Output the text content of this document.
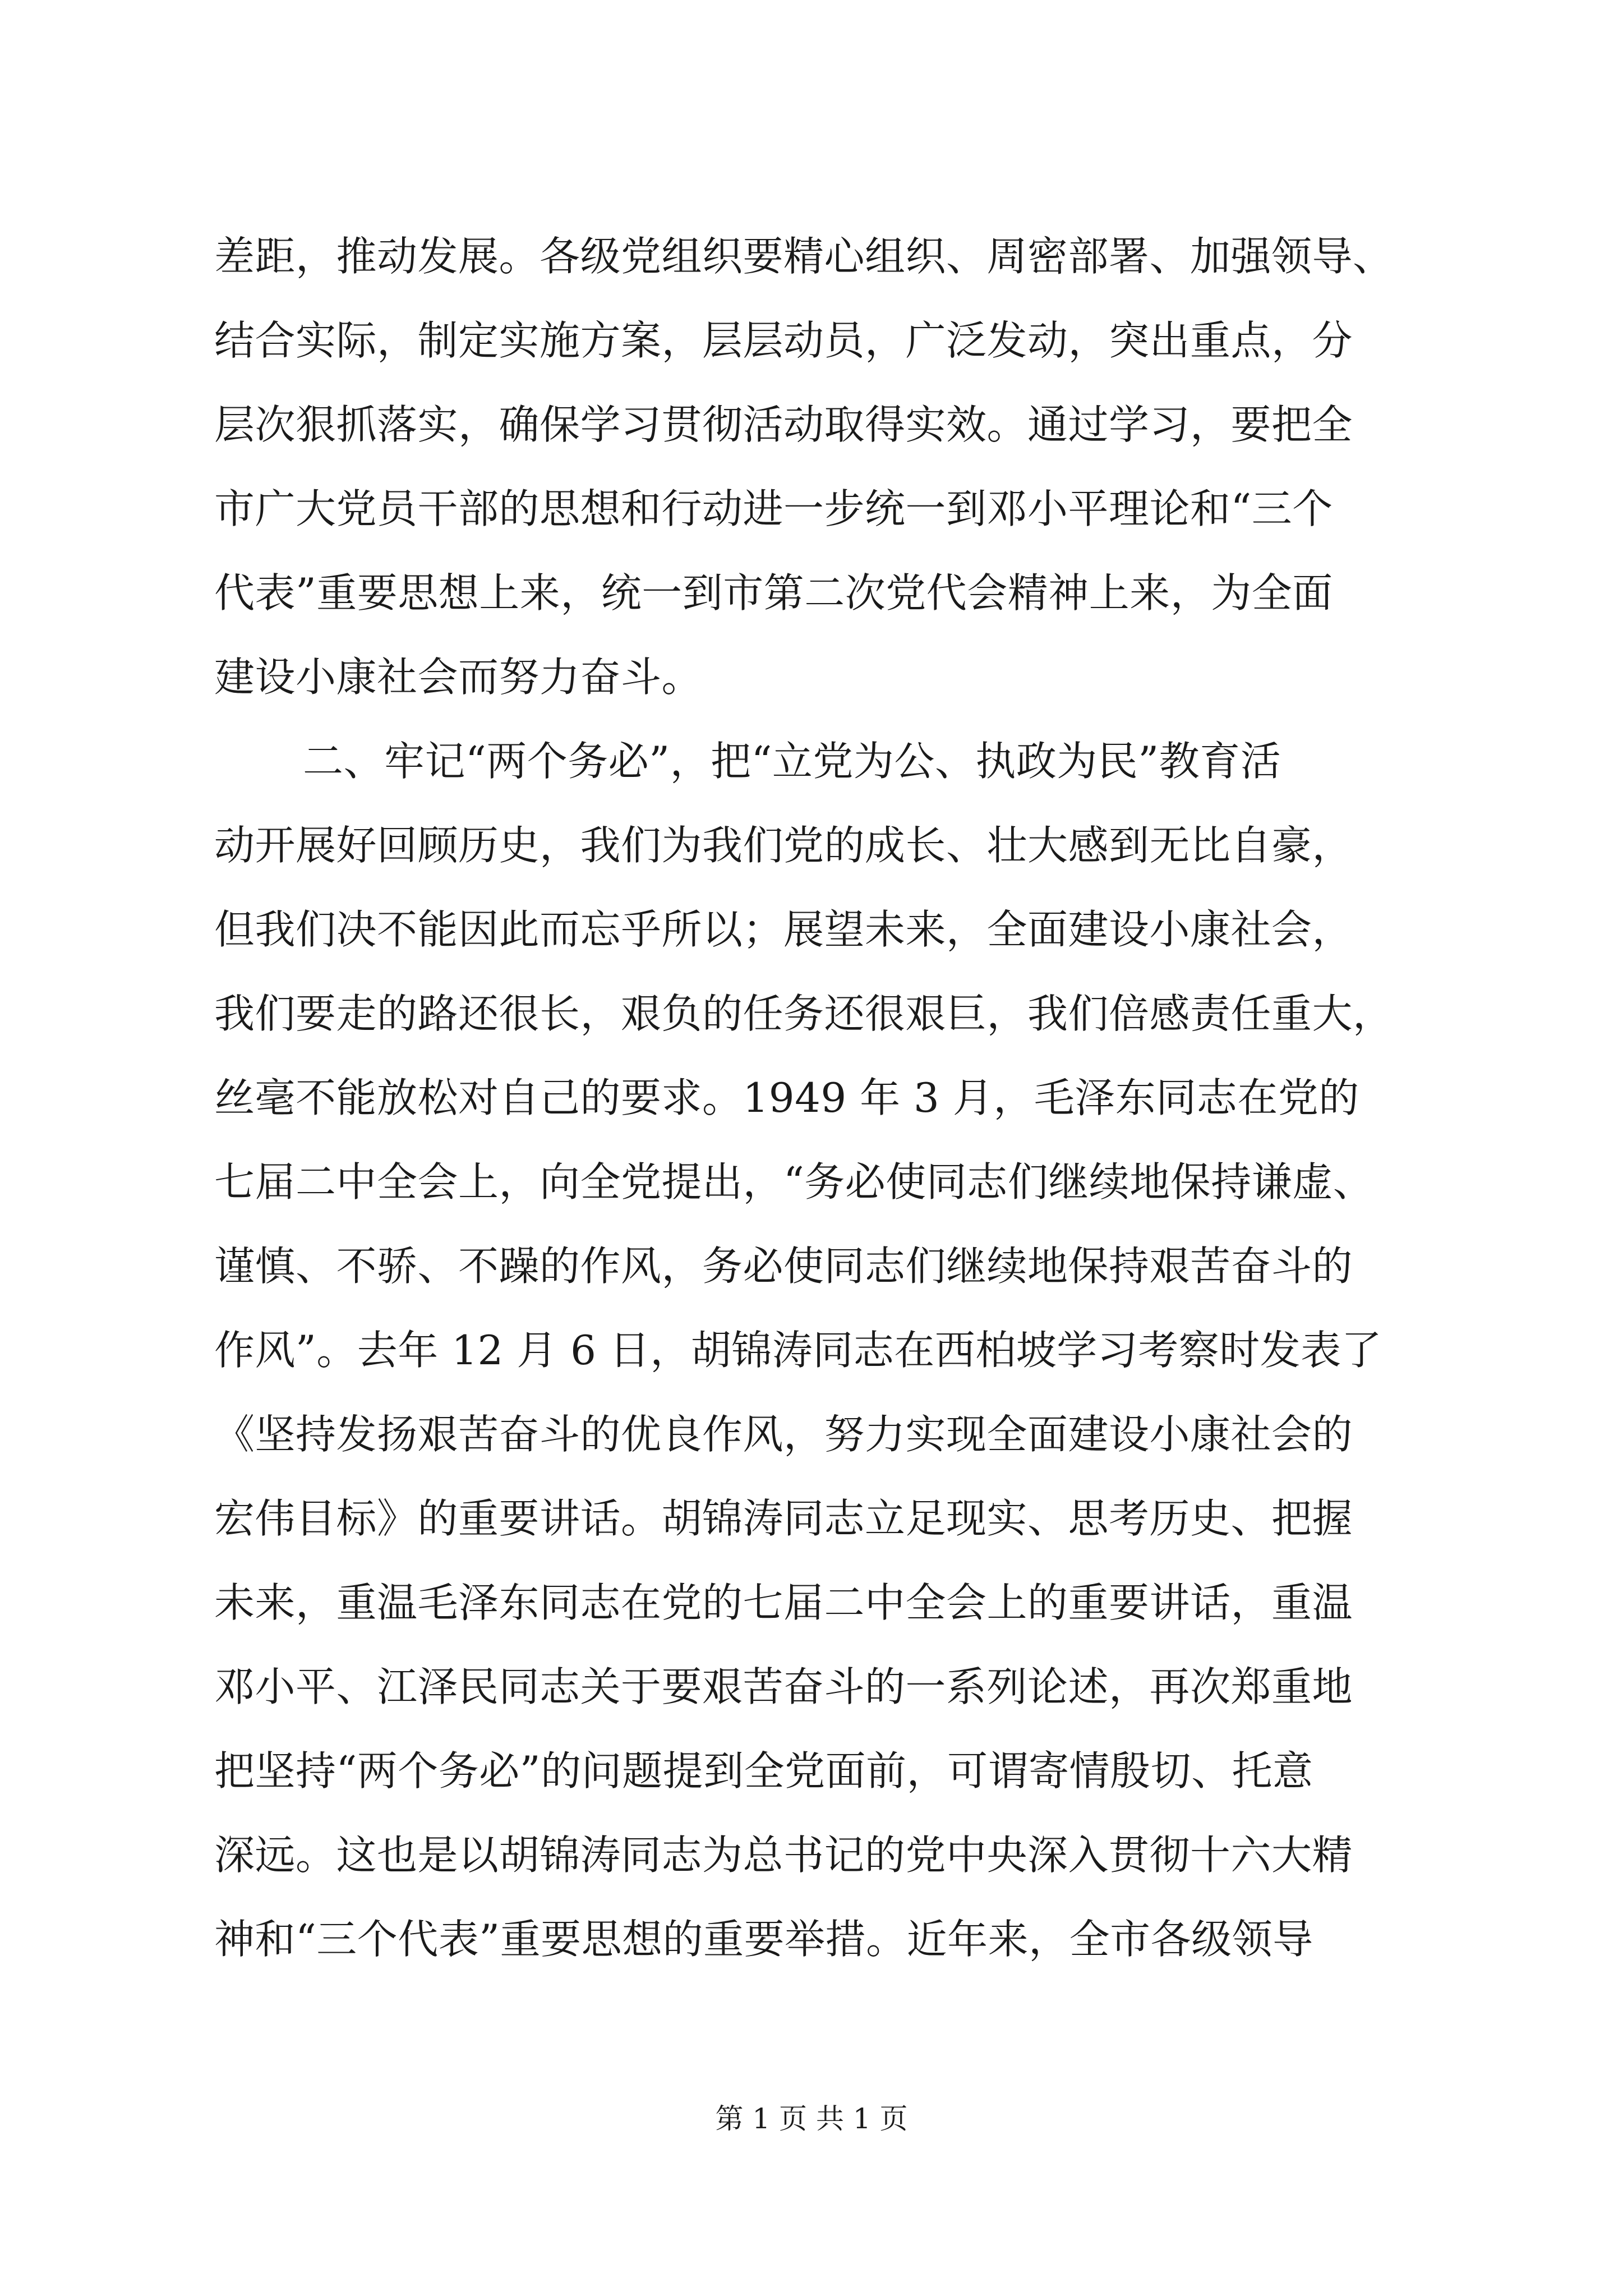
差距，推动发展。各级党组织要精心组织、周密部署、加强领导、
结合实际，制定实施方案，层层动员，广泛发动，突出重点，分
层次狠抓落实，确保学习贯彻活动取得实效。通过学习，要把全
市广大党员干部的思想和行动进一步统一到邓小平理论和“三个
代表”重要思想上来，统一到市第二次党代会精神上来，为全面
建设小康社会而努力奋斗。
二、牢记“两个务必”，把“立党为公、执政为民”教育活
动开展好回顾历史，我们为我们党的成长、壮大感到无比自豪，
但我们决不能因此而忘乎所以；展望未来，全面建设小康社会，
我们要走的路还很长，艰负的任务还很艰巨，我们倍感责任重大，
丝毫不能放松对自己的要求。1949 年 3 月，毛泽东同志在党的
七届二中全会上，向全党提出，“务必使同志们继续地保持谦虚、
谨慎、不骄、不躁的作风，务必使同志们继续地保持艰苦奋斗的
作风”。去年 12 月 6 日，胡锦涛同志在西柏坡学习考察时发表了
《坚持发扬艰苦奋斗的优良作风，努力实现全面建设小康社会的
宏伟目标》的重要讲话。胡锦涛同志立足现实、思考历史、把握
未来，重温毛泽东同志在党的七届二中全会上的重要讲话，重温
邓小平、江泽民同志关于要艰苦奋斗的一系列论述，再次郑重地
把坚持“两个务必”的问题提到全党面前，可谓寄情殷切、托意
深远。这也是以胡锦涛同志为总书记的党中央深入贯彻十六大精
神和“三个代表”重要思想的重要举措。近年来，全市各级领导
第 1 页 共 1 页
